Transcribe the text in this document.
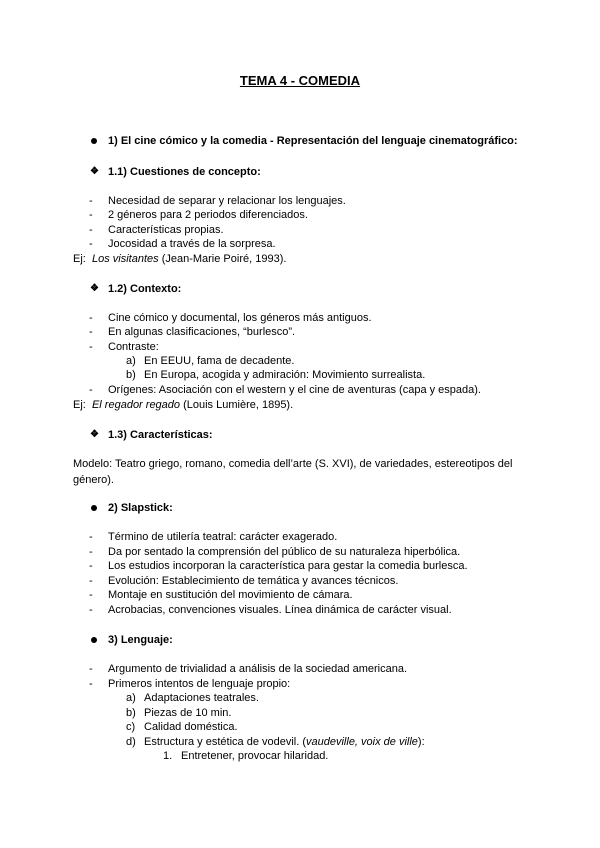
TEMA 4 - COMEDIA
1) El cine cómico y la comedia - Representación del lenguaje cinematográfico:
❖ 1.1) Cuestiones de concepto:
- Necesidad de separar y relacionar los lenguajes.
- 2 géneros para 2 periodos diferenciados.
- Características propias.
- Jocosidad a través de la sorpresa.
Ej: Los visitantes (Jean-Marie Poiré, 1993).
❖ 1.2) Contexto:
- Cine cómico y documental, los géneros más antiguos.
- En algunas clasificaciones, “burlesco”.
- Contraste:
a) En EEUU, fama de decadente.
b) En Europa, acogida y admiración: Movimiento surrealista.
- Orígenes: Asociación con el western y el cine de aventuras (capa y espada).
Ej: El regador regado (Louis Lumière, 1895).
❖ 1.3) Características:
Modelo: Teatro griego, romano, comedia dell’arte (S. XVI), de variedades, estereotipos del género).
2) Slapstick:
- Término de utilería teatral: carácter exagerado.
- Da por sentado la comprensión del público de su naturaleza hiperbólica.
- Los estudios incorporan la característica para gestar la comedia burlesca.
- Evolución: Establecimiento de temática y avances técnicos.
- Montaje en sustitución del movimiento de cámara.
- Acrobacias, convenciones visuales. Línea dinámica de carácter visual.
3) Lenguaje:
- Argumento de trivialidad a análisis de la sociedad americana.
- Primeros intentos de lenguaje propio:
a) Adaptaciones teatrales.
b) Piezas de 10 min.
c) Calidad doméstica.
d) Estructura y estética de vodevil. (vaudeville, voix de ville):
1. Entretener, provocar hilaridad.
